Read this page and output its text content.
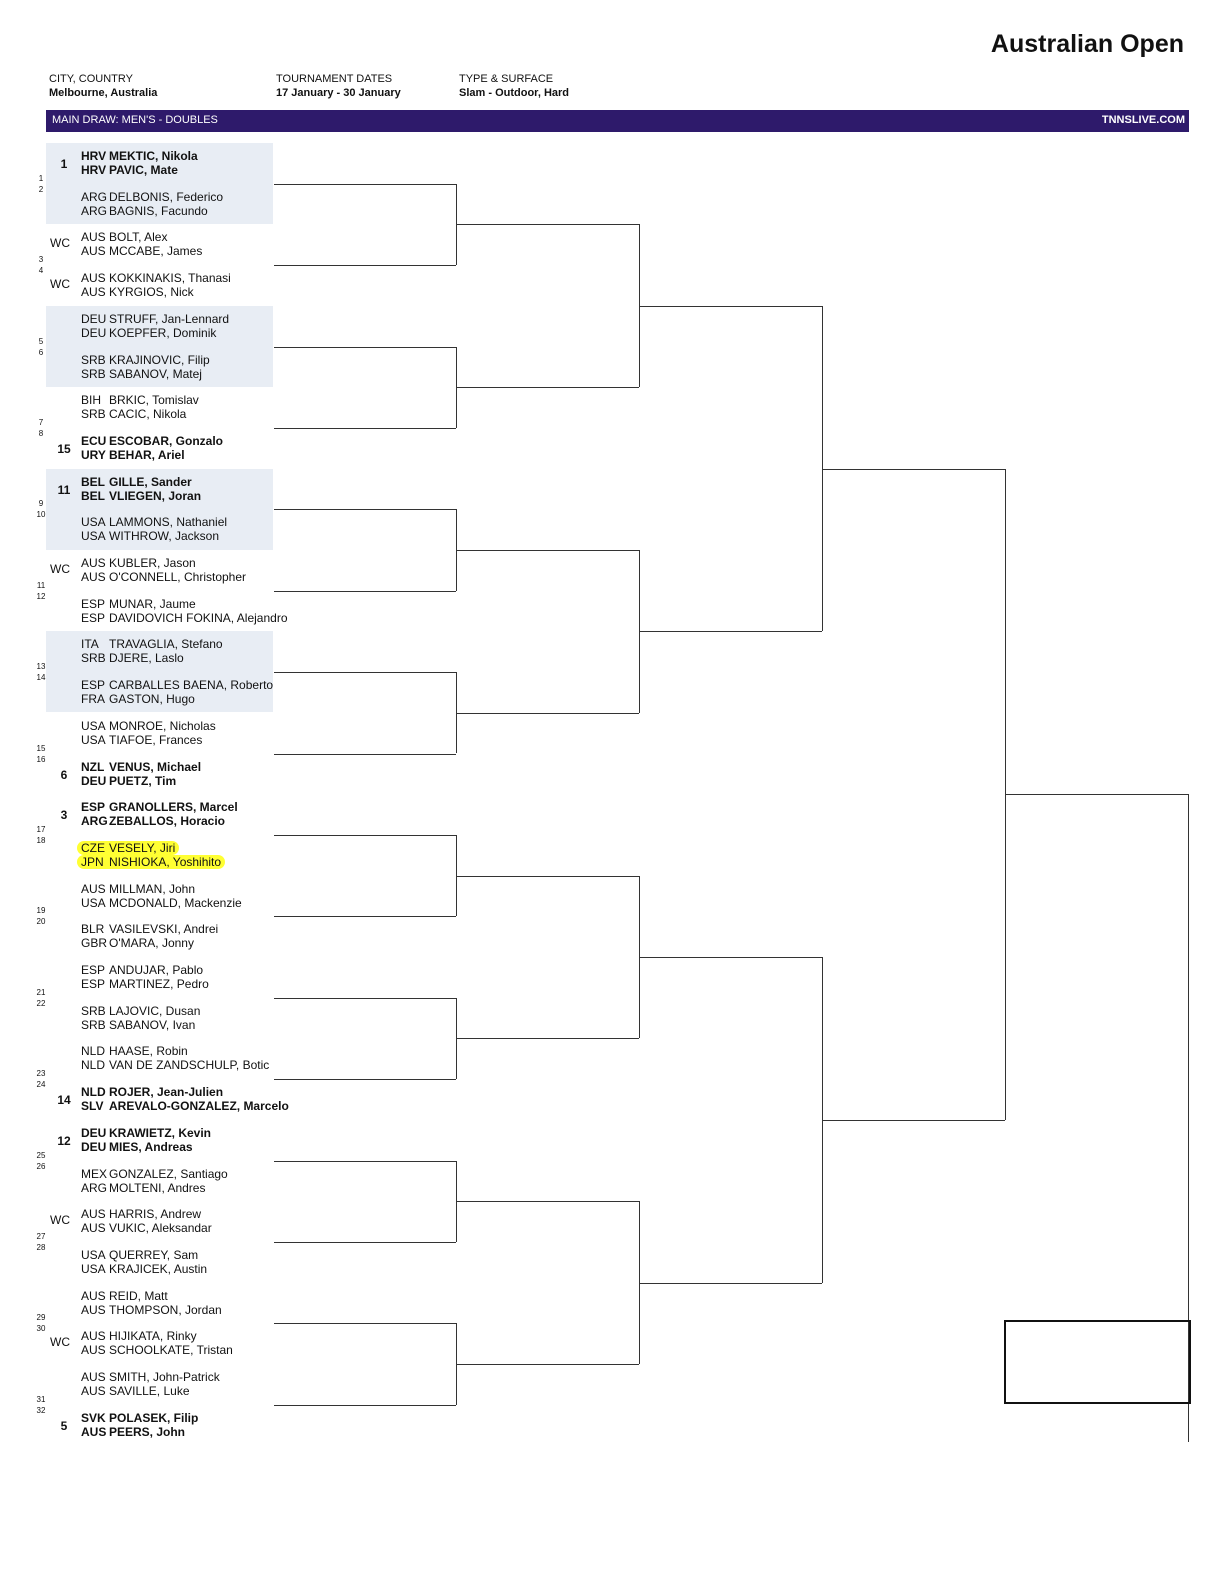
Australian Open
CITY, COUNTRY
Melbourne, Australia
TOURNAMENT DATES
17 January - 30 January
TYPE & SURFACE
Slam - Outdoor, Hard
MAIN DRAW: MEN'S - DOUBLES	TNNSLIVE.COM
HRV MEKTIC, Nikola
HRV PAVIC, Mate
1
ARG DELBONIS, Federico
ARG BAGNIS, Facundo
AUS BOLT, Alex
AUS MCCABE, James
WC
AUS KOKKINAKIS, Thanasi
AUS KYRGIOS, Nick
WC
DEU STRUFF, Jan-Lennard
DEU KOEPFER, Dominik
SRB KRAJINOVIC, Filip
SRB SABANOV, Matej
BIH BRKIC, Tomislav
SRB CACIC, Nikola
ECU ESCOBAR, Gonzalo
URY BEHAR, Ariel
15
BEL GILLE, Sander
BEL VLIEGEN, Joran
11
USA LAMMONS, Nathaniel
USA WITHROW, Jackson
AUS KUBLER, Jason
AUS O'CONNELL, Christopher
WC
ESP MUNAR, Jaume
ESP DAVIDOVICH FOKINA, Alejandro
ITA TRAVAGLIA, Stefano
SRB DJERE, Laslo
ESP CARBALLES BAENA, Roberto
FRA GASTON, Hugo
USA MONROE, Nicholas
USA TIAFOE, Frances
NZL VENUS, Michael
DEU PUETZ, Tim
6
ESP GRANOLLERS, Marcel
ARGZEBALLOS, Horacio
3
CZE VESELY, Jiri
JPN NISHIOKA, Yoshihito
AUS MILLMAN, John
USA MCDONALD, Mackenzie
BLR VASILEVSKI, Andrei
GBR O'MARA, Jonny
ESP ANDUJAR, Pablo
ESP MARTINEZ, Pedro
SRB LAJOVIC, Dusan
SRB SABANOV, Ivan
NLD HAASE, Robin
NLD VAN DE ZANDSCHULP, Botic
NLD ROJER, Jean-Julien
SLV AREVALO-GONZALEZ, Marcelo
14
DEU KRAWIETZ, Kevin
DEU MIES, Andreas
12
MEX GONZALEZ, Santiago
ARG MOLTENI, Andres
AUS HARRIS, Andrew
AUS VUKIC, Aleksandar
WC
USA QUERREY, Sam
USA KRAJICEK, Austin
AUS REID, Matt
AUS THOMPSON, Jordan
AUS HIJIKATA, Rinky
AUS SCHOOLKATE, Tristan
WC
AUS SMITH, John-Patrick
AUS SAVILLE, Luke
SVK POLASEK, Filip
AUS PEERS, John
5
1
2
3
4
5
6
7
8
9
10
11
12
13
14
15
16
17
18
19
20
21
22
23
24
25
26
27
28
29
30
31
32
